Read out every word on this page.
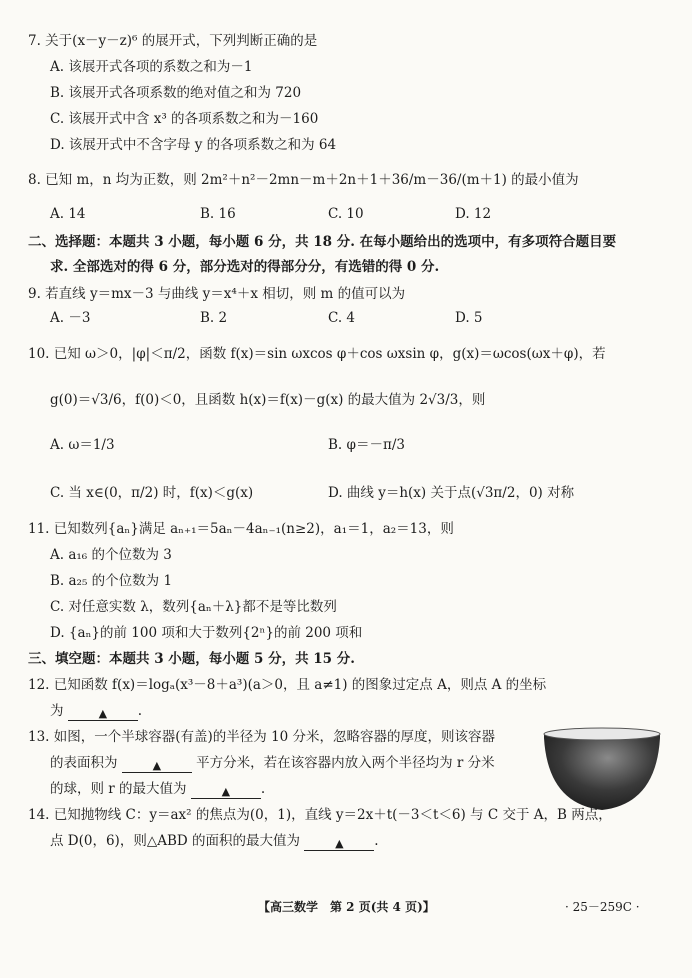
7. 关于(x－y－z)⁶ 的展开式，下列判断正确的是
A. 该展开式各项的系数之和为－1
B. 该展开式各项系数的绝对值之和为 720
C. 该展开式中含 x³ 的各项系数之和为－160
D. 该展开式中不含字母 y 的各项系数之和为 64
8. 已知 m，n 均为正数，则 2m²＋n²－2mn－m＋2n＋1＋36/m－36/(m＋1) 的最小值为
A. 14	B. 16	C. 10	D. 12
二、选择题：本题共 3 小题，每小题 6 分，共 18 分. 在每小题给出的选项中，有多项符合题目要
求. 全部选对的得 6 分，部分选对的得部分分，有选错的得 0 分.
9. 若直线 y＝mx－3 与曲线 y＝x⁴＋x 相切，则 m 的值可以为
A. －3	B. 2	C. 4	D. 5
10. 已知 ω＞0，|φ|＜π/2，函数 f(x)＝sin ωxcos φ＋cos ωxsin φ，g(x)＝ωcos(ωx＋φ)，若
g(0)＝√3/6，f(0)＜0，且函数 h(x)＝f(x)－g(x) 的最大值为 2√3/3，则
A. ω＝1/3	B. φ＝－π/3
C. 当 x∈(0，π/2) 时，f(x)＜g(x)	D. 曲线 y＝h(x) 关于点(√3π/2，0) 对称
11. 已知数列{aₙ}满足 aₙ₊₁＝5aₙ－4aₙ₋₁(n≥2)，a₁＝1，a₂＝13，则
A. a₁₆ 的个位数为 3
B. a₂₅ 的个位数为 1
C. 对任意实数 λ，数列{aₙ＋λ}都不是等比数列
D. {aₙ}的前 100 项和大于数列{2ⁿ}的前 200 项和
三、填空题：本题共 3 小题，每小题 5 分，共 15 分.
12. 已知函数 f(x)＝logₐ(x³－8＋a³)(a＞0，且 a≠1) 的图象过定点 A，则点 A 的坐标
为	▲ .
13. 如图，一个半球容器(有盖)的半径为 10 分米，忽略容器的厚度，则该容器
的表面积为	▲	平方分米，若在该容器内放入两个半径均为 r 分米
的球，则 r 的最大值为	▲ .
14. 已知抛物线 C：y＝ax² 的焦点为(0，1)，直线 y＝2x＋t(－3＜t＜6) 与 C 交于 A，B 两点，
点 D(0，6)，则△ABD 的面积的最大值为	▲ .
【高三数学　第 2 页(共 4 页)】	· 25－259C ·
